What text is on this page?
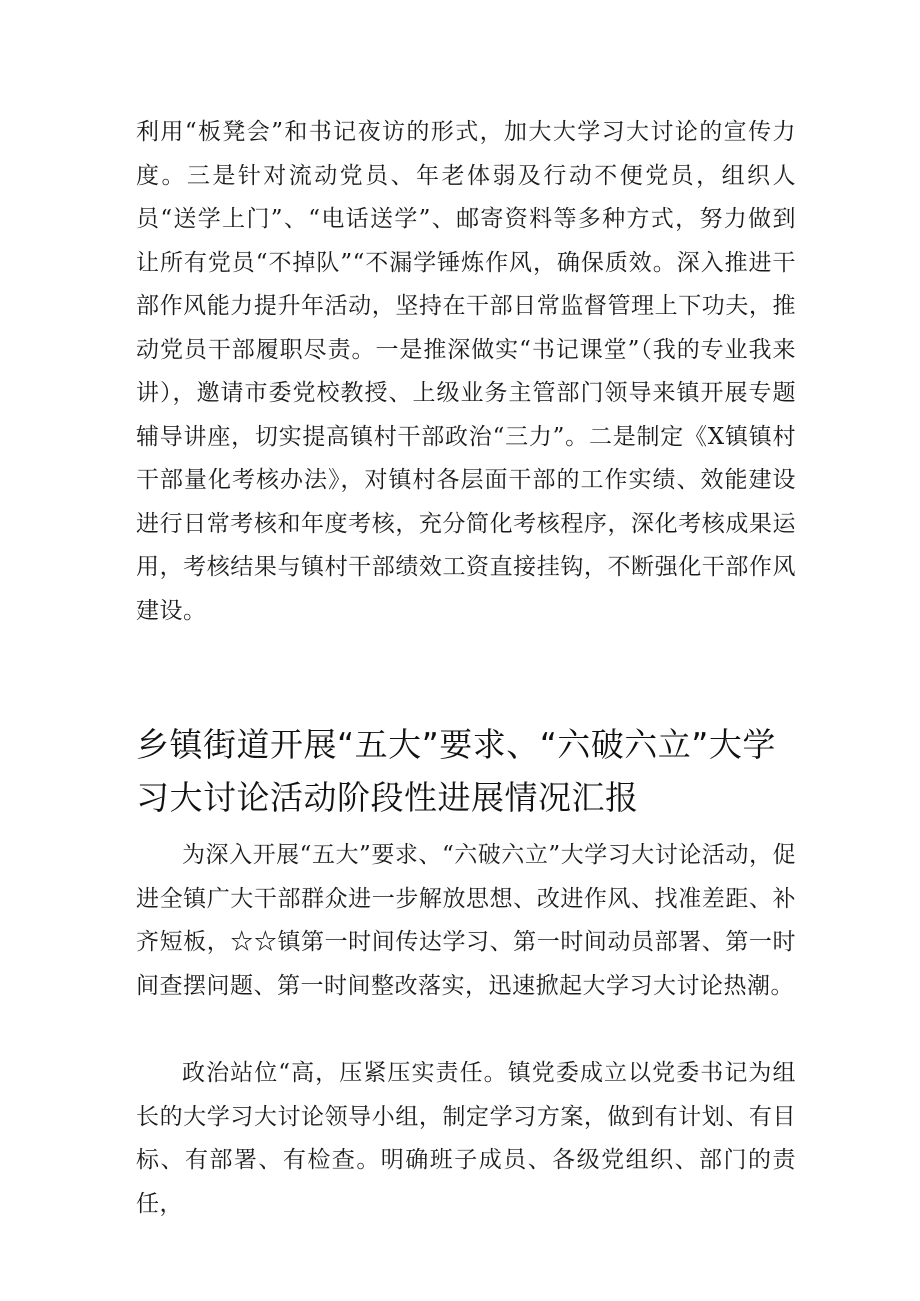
利用“板凳会”和书记夜访的形式，加大大学习大讨论的宣传力度。三是针对流动党员、年老体弱及行动不便党员，组织人员“送学上门”、“电话送学”、邮寄资料等多种方式，努力做到让所有党员“不掉队”“不漏学锤炼作风，确保质效。深入推进干部作风能力提升年活动，坚持在干部日常监督管理上下功夫，推动党员干部履职尽责。一是推深做实“书记课堂”（我的专业我来讲），邀请市委党校教授、上级业务主管部门领导来镇开展专题辅导讲座，切实提高镇村干部政治“三力”。二是制定《X镇镇村干部量化考核办法》，对镇村各层面干部的工作实绩、效能建设进行日常考核和年度考核，充分简化考核程序，深化考核成果运用，考核结果与镇村干部绩效工资直接挂钩，不断强化干部作风建设。

乡镇街道开展“五大”要求、“六破六立”大学习大讨论活动阶段性进展情况汇报

为深入开展“五大”要求、“六破六立”大学习大讨论活动，促进全镇广大干部群众进一步解放思想、改进作风、找准差距、补齐短板，☆☆镇第一时间传达学习、第一时间动员部署、第一时间查摆问题、第一时间整改落实，迅速掀起大学习大讨论热潮。

政治站位“高，压紧压实责任。镇党委成立以党委书记为组长的大学习大讨论领导小组，制定学习方案，做到有计划、有目标、有部署、有检查。明确班子成员、各级党组织、部门的责任，
